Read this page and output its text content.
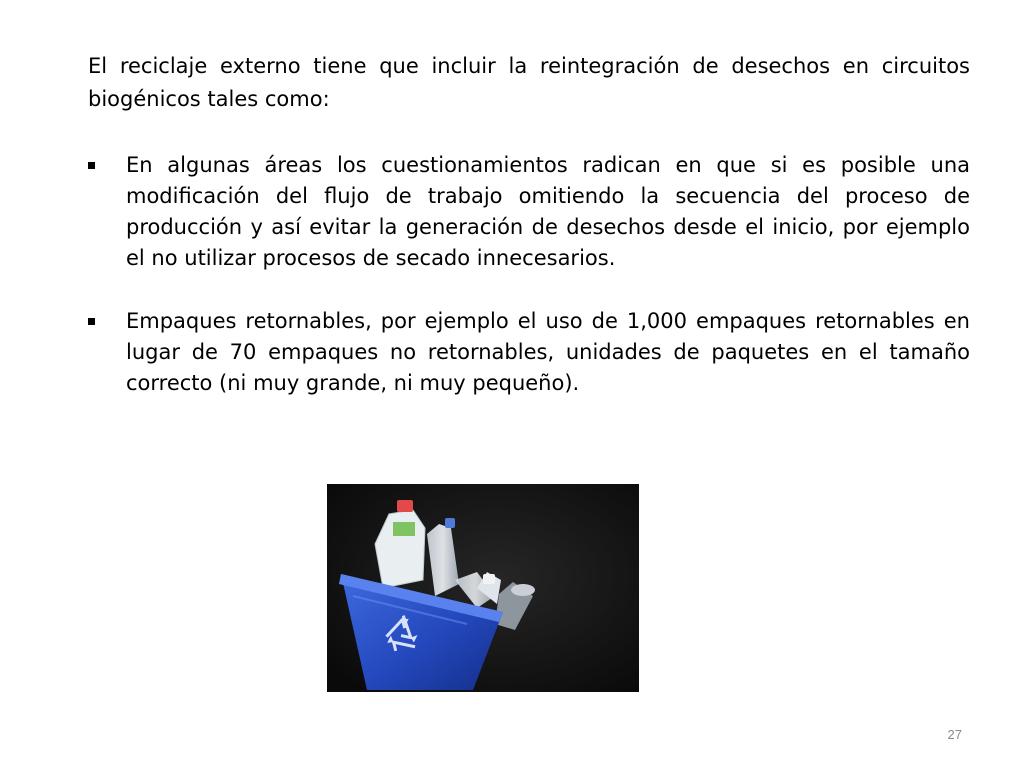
El reciclaje externo tiene que incluir la reintegración de desechos en circuitos biogénicos tales como:

En algunas áreas los cuestionamientos radican en que si es posible una modificación del flujo de trabajo omitiendo la secuencia del proceso de producción y así evitar la generación de desechos desde el inicio, por ejemplo el no utilizar procesos de secado innecesarios.
Empaques retornables, por ejemplo el uso de 1,000 empaques retornables en lugar de 70 empaques no retornables, unidades de paquetes en el tamaño correcto (ni muy grande, ni muy pequeño).
27
